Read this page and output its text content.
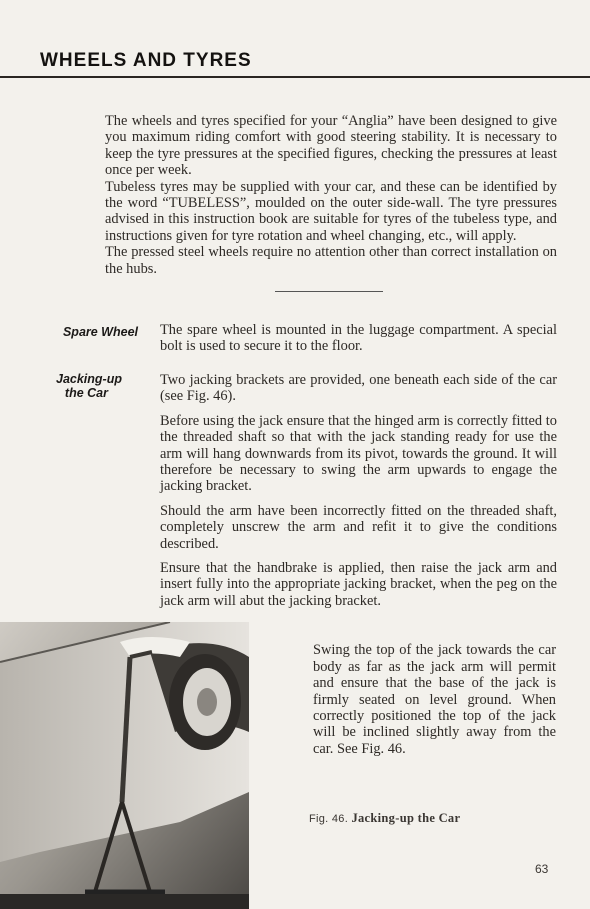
WHEELS AND TYRES

The wheels and tyres specified for your “Anglia” have been designed to give you maximum riding comfort with good steering stability. It is necessary to keep the tyre pressures at the specified figures, checking the pressures at least once per week.

Tubeless tyres may be supplied with your car, and these can be identified by the word “TUBELESS”, moulded on the outer side-wall. The tyre pressures advised in this instruction book are suitable for tyres of the tubeless type, and instructions given for tyre rotation and wheel changing, etc., will apply.

The pressed steel wheels require no attention other than correct installation on the hubs.

Spare Wheel The spare wheel is mounted in the luggage compartment. A special bolt is used to secure it to the floor.

Jacking-up
the Car

Two jacking brackets are provided, one beneath each side of the car (see Fig. 46).

Before using the jack ensure that the hinged arm is correctly fitted to the threaded shaft so that with the jack standing ready for use the arm will hang downwards from its pivot, towards the ground. It will therefore be necessary to swing the arm upwards to engage the jacking bracket.

Should the arm have been incorrectly fitted on the threaded shaft, completely unscrew the arm and refit it to give the conditions described.

Ensure that the handbrake is applied, then raise the jack arm and insert fully into the appropriate jacking bracket, when the peg on the jack arm will abut the jacking bracket.

Swing the top of the jack towards the car body as far as the jack arm will permit and ensure that the base of the jack is firmly seated on level ground. When correctly positioned the top of the jack will be inclined slightly away from the car. See Fig. 46.

Fig. 46. Jacking-up the Car
63
